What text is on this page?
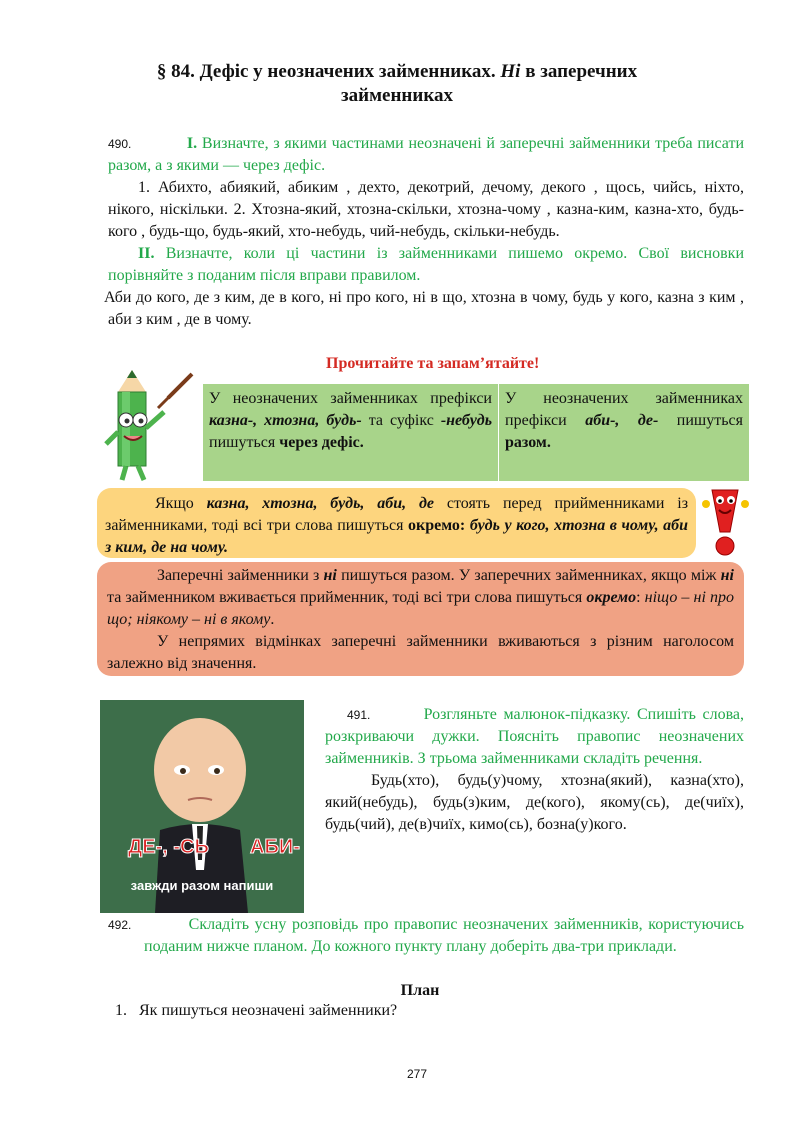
§ 84. Дефіс у неозначених займенниках. Ні в заперечних
займенниках
490.	I. Визначте, з якими частинами неозначені й заперечні займенники треба писати разом, а з якими — через дефіс.
1. Абихто, абиякий, абиким , дехто, декотрий, дечому, декого , щось, чийсь, ніхто, нікого, ніскільки. 2. Хтозна-який, хтозна-скільки, хтозна-чому , казна-ким, казна-хто, будь-кого , будь-що, будь-який, хто-небудь, чий-небудь, скільки-небудь.
II. Визначте, коли ці частини із займенниками пишемо окремо. Свої висновки порівняйте з поданим після вправи правилом.
Аби до кого, де з ким, де в кого, ні про кого, ні в що, хтозна в чому, будь у кого, казна з ким , аби з ким , де в чому.
Прочитайте та запам’ятайте!
У неозначених займенниках префікси казна-, хтозна, будь- та суфікс -небудь пишуться через дефіс.
У неозначених займенниках префікси аби-, де- пишуться разом.
Якщо казна, хтозна, будь, аби, де стоять перед прийменниками із займенниками, тоді всі три слова пишуться окремо: будь у кого, хтозна в чому, аби з ким, де на чому.
Заперечні займенники з ні пишуться разом. У заперечних займенниках, якщо між ні та займенником вживається прийменник, тоді всі три слова пишуться окремо: ніщо – ні про що; ніякому – ні в якому.
У непрямих відмінках заперечні займенники вживаються з різним наголосом залежно від значення.
ДЕ-, -СЬ АБИ-
завжди разом напиши
491.	Розгляньте малюнок-підказку. Спишіть слова, розкриваючи дужки. Поясніть правопис неозначених займенників. З трьома займенниками складіть речення.
Будь(хто), будь(у)чому, хтозна(який), казна(хто), який(небудь), будь(з)ким, де(кого), якому(сь), де(чиїх), будь(чий), де(в)чиїх, кимо(сь), бозна(у)кого.
492.	Складіть усну розповідь про правопис неозначених займенників, користуючись поданим нижче планом. До кожного пункту плану доберіть два-три приклади.
План
1. Як пишуться неозначені займенники?
277
